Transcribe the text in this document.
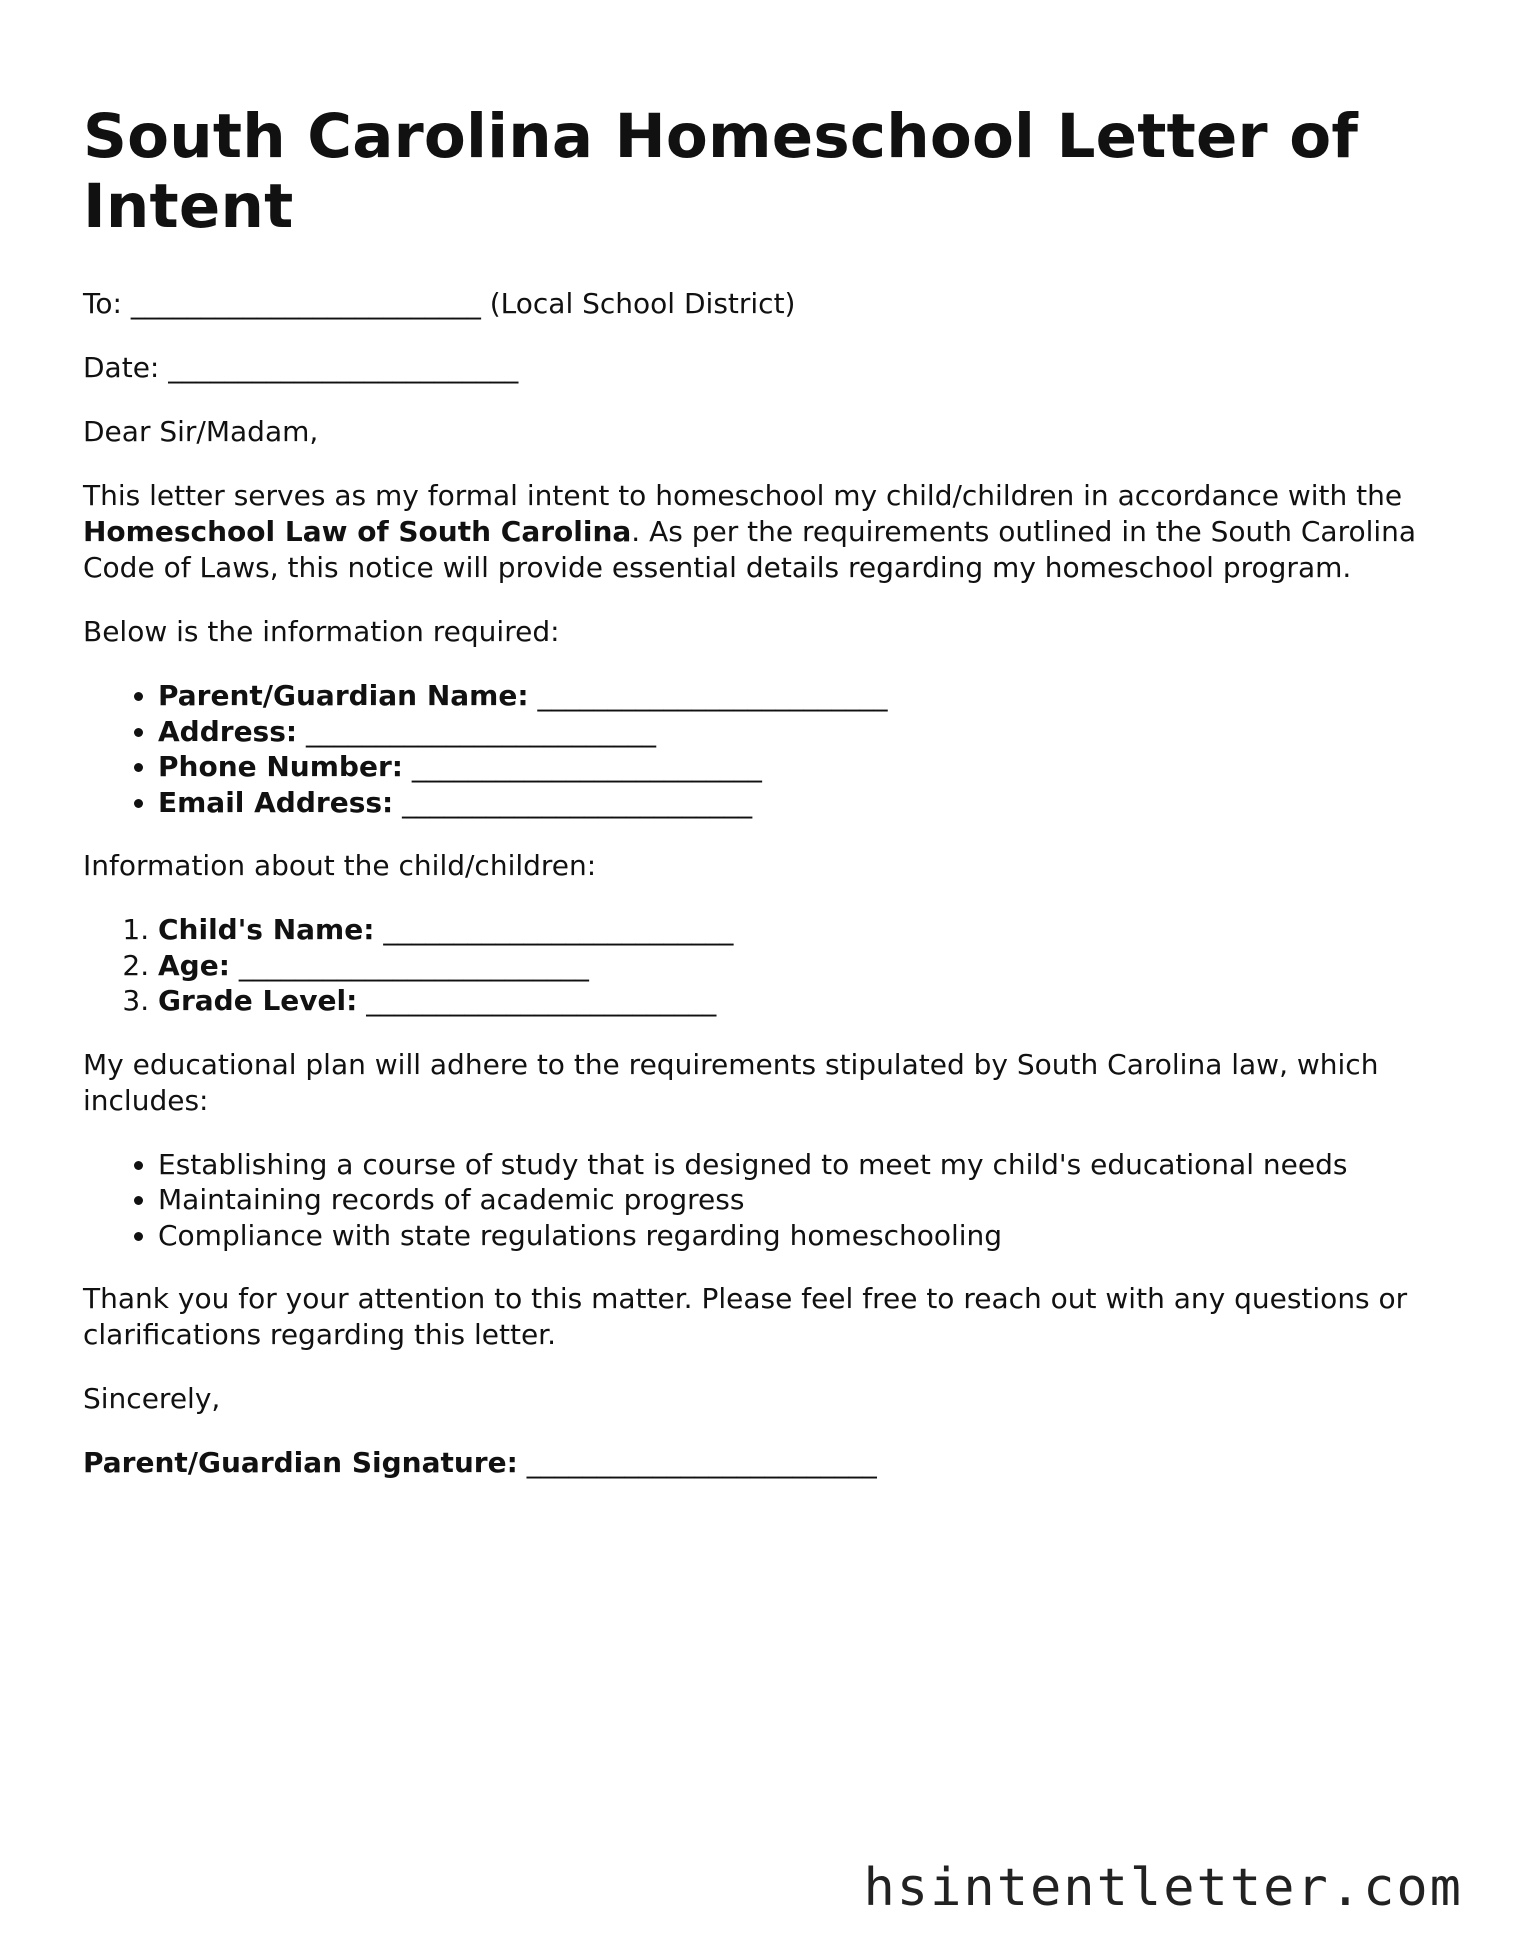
South Carolina Homeschool Letter of Intent

To: _________________________ (Local School District)

Date: _________________________

Dear Sir/Madam,

This letter serves as my formal intent to homeschool my child/children in accordance with the Homeschool Law of South Carolina. As per the requirements outlined in the South Carolina Code of Laws, this notice will provide essential details regarding my homeschool program.

Below is the information required:

• Parent/Guardian Name: _________________________
• Address: _________________________
• Phone Number: _________________________
• Email Address: _________________________

Information about the child/children:

1. Child's Name: _________________________
2. Age: _________________________
3. Grade Level: _________________________

My educational plan will adhere to the requirements stipulated by South Carolina law, which includes:

• Establishing a course of study that is designed to meet my child's educational needs
• Maintaining records of academic progress
• Compliance with state regulations regarding homeschooling

Thank you for your attention to this matter. Please feel free to reach out with any questions or clarifications regarding this letter.

Sincerely,

Parent/Guardian Signature: _________________________

hsintentletter.com
